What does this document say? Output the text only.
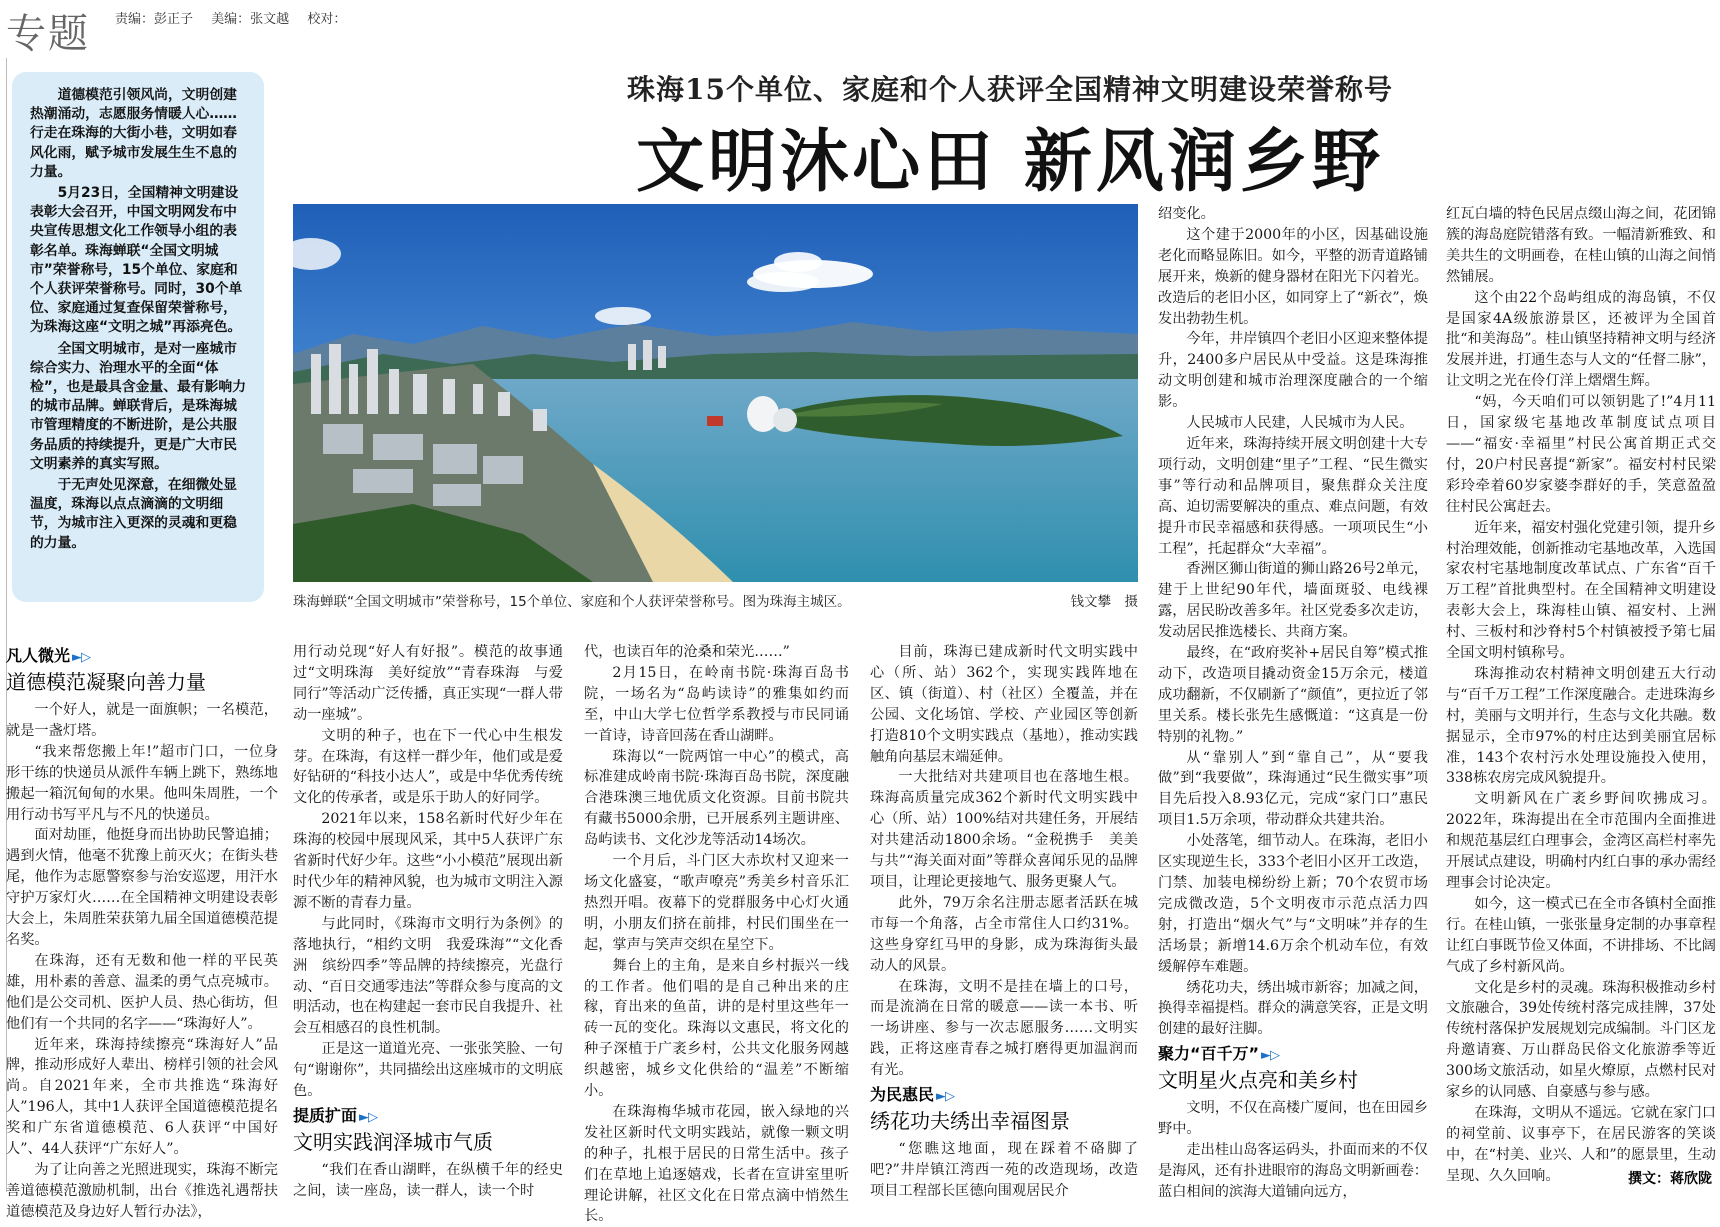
专题 责编：彭正子 美编：张文越 校对：

道德模范引领风尚，文明创建热潮涌动，志愿服务情暖人心……行走在珠海的大街小巷，文明如春风化雨，赋予城市发展生生不息的力量。

5月23日，全国精神文明建设表彰大会召开，中国文明网发布中央宣传思想文化工作领导小组的表彰名单。珠海蝉联“全国文明城市”荣誉称号，15个单位、家庭和个人获评荣誉称号。同时，30个单位、家庭通过复查保留荣誉称号，为珠海这座“文明之城”再添亮色。

全国文明城市，是对一座城市综合实力、治理水平的全面“体检”，也是最具含金量、最有影响力的城市品牌。蝉联背后，是珠海城市管理精度的不断进阶，是公共服务品质的持续提升，更是广大市民文明素养的真实写照。

于无声处见深意，在细微处显温度，珠海以点点滴滴的文明细节，为城市注入更深的灵魂和更稳的力量。

珠海15个单位、家庭和个人获评全国精神文明建设荣誉称号
文明沐心田 新风润乡野
珠海蝉联“全国文明城市”荣誉称号，15个单位、家庭和个人获评荣誉称号。图为珠海主城区。	钱文攀　摄
凡人微光 ►▷
道德模范凝聚向善力量

一个好人，就是一面旗帜；一名模范，就是一盏灯塔。

“我来帮您搬上年!”超市门口，一位身形干练的快递员从派件车辆上跳下，熟练地搬起一箱沉甸甸的水果。他叫朱周胜，一个用行动书写平凡与不凡的快递员。

面对劫匪，他挺身而出协助民警追捕；遇到火情，他毫不犹豫上前灭火；在街头巷尾，他作为志愿警察参与治安巡逻，用汗水守护万家灯火……在全国精神文明建设表彰大会上，朱周胜荣获第九届全国道德模范提名奖。

在珠海，还有无数和他一样的平民英雄，用朴素的善意、温柔的勇气点亮城市。他们是公交司机、医护人员、热心街坊，但他们有一个共同的名字——“珠海好人”。

近年来，珠海持续擦亮“珠海好人”品牌，推动形成好人辈出、榜样引领的社会风尚。自2021年来，全市共推选“珠海好人”196人，其中1人获评全国道德模范提名奖和广东省道德模范、6人获评“中国好人”、44人获评“广东好人”。

为了让向善之光照进现实，珠海不断完善道德模范激励机制，出台《推选礼遇帮扶道德模范及身边好人暂行办法》，

用行动兑现“好人有好报”。模范的故事通过“文明珠海　美好绽放”“青春珠海　与爱同行”等活动广泛传播，真正实现“一群人带动一座城”。

文明的种子，也在下一代心中生根发芽。在珠海，有这样一群少年，他们或是爱好钻研的“科技小达人”，或是中华优秀传统文化的传承者，或是乐于助人的好同学。

2021年以来，158名新时代好少年在珠海的校园中展现风采，其中5人获评广东省新时代好少年。这些“小小模范”展现出新时代少年的精神风貌，也为城市文明注入源源不断的青春力量。

与此同时，《珠海市文明行为条例》的落地执行，“相约文明　我爱珠海”“文化香洲　缤纷四季”等品牌的持续擦亮，光盘行动、“百日交通零违法”等群众参与度高的文明活动，也在构建起一套市民自我提升、社会互相感召的良性机制。

正是这一道道光亮、一张张笑脸、一句句“谢谢你”，共同描绘出这座城市的文明底色。

提质扩面 ►▷
文明实践润泽城市气质

“我们在香山湖畔，在纵横千年的经史之间，读一座岛，读一群人，读一个时

代，也读百年的沧桑和荣光……”

2月15日，在岭南书院·珠海百岛书院，一场名为“岛屿读诗”的雅集如约而至，中山大学七位哲学系教授与市民同诵一首诗，诗音回荡在香山湖畔。

珠海以“一院两馆一中心”的模式，高标准建成岭南书院·珠海百岛书院，深度融合港珠澳三地优质文化资源。目前书院共有藏书5000余册，已开展系列主题讲座、岛屿读书、文化沙龙等活动14场次。

一个月后，斗门区大赤坎村又迎来一场文化盛宴，“歌声嘹亮”秀美乡村音乐汇热烈开唱。夜幕下的党群服务中心灯火通明，小朋友们挤在前排，村民们围坐在一起，掌声与笑声交织在星空下。

舞台上的主角，是来自乡村振兴一线的工作者。他们唱的是自己种出来的庄稼，育出来的鱼苗，讲的是村里这些年一砖一瓦的变化。珠海以文惠民，将文化的种子深植于广袤乡村，公共文化服务网越织越密，城乡文化供给的“温差”不断缩小。

在珠海梅华城市花园，嵌入绿地的兴发社区新时代文明实践站，就像一颗文明的种子，扎根于居民的日常生活中。孩子们在草地上追逐嬉戏，长者在宣讲室里听理论讲解，社区文化在日常点滴中悄然生长。

目前，珠海已建成新时代文明实践中心（所、站）362个，实现实践阵地在区、镇（街道）、村（社区）全覆盖，并在公园、文化场馆、学校、产业园区等创新打造810个文明实践点（基地），推动实践触角向基层末端延伸。

一大批结对共建项目也在落地生根。珠海高质量完成362个新时代文明实践中心（所、站）100%结对共建任务，开展结对共建活动1800余场。“金税携手　美美与共”“海关面对面”等群众喜闻乐见的品牌项目，让理论更接地气、服务更聚人气。

此外，79万余名注册志愿者活跃在城市每一个角落，占全市常住人口约31%。这些身穿红马甲的身影，成为珠海街头最动人的风景。

在珠海，文明不是挂在墙上的口号，而是流淌在日常的暖意——读一本书、听一场讲座、参与一次志愿服务……文明实践，正将这座青春之城打磨得更加温润而有光。

为民惠民 ►▷
绣花功夫绣出幸福图景

“您瞧这地面，现在踩着不硌脚了吧?”井岸镇江湾西一苑的改造现场，改造项目工程部长匡德向围观居民介

绍变化。

这个建于2000年的小区，因基础设施老化而略显陈旧。如今，平整的沥青道路铺展开来，焕新的健身器材在阳光下闪着光。改造后的老旧小区，如同穿上了“新衣”，焕发出勃勃生机。

今年，井岸镇四个老旧小区迎来整体提升，2400多户居民从中受益。这是珠海推动文明创建和城市治理深度融合的一个缩影。

人民城市人民建，人民城市为人民。

近年来，珠海持续开展文明创建十大专项行动，文明创建“里子”工程、“民生微实事”等行动和品牌项目，聚焦群众关注度高、迫切需要解决的重点、难点问题，有效提升市民幸福感和获得感。一项项民生“小工程”，托起群众“大幸福”。

香洲区狮山街道的狮山路26号2单元，建于上世纪90年代，墙面斑驳、电线裸露，居民盼改善多年。社区党委多次走访，发动居民推选楼长、共商方案。

最终，在“政府奖补+居民自筹”模式推动下，改造项目撬动资金15万余元，楼道成功翻新，不仅刷新了“颜值”，更拉近了邻里关系。楼长张先生感慨道：“这真是一份特别的礼物。”

从“靠别人”到“靠自己”，从“要我做”到“我要做”，珠海通过“民生微实事”项目先后投入8.93亿元，完成“家门口”惠民项目1.5万余项，带动群众共建共治。

小处落笔，细节动人。在珠海，老旧小区实现逆生长，333个老旧小区开工改造，门禁、加装电梯纷纷上新；70个农贸市场完成微改造，5个文明夜市示范点活力四射，打造出“烟火气”与“文明味”并存的生活场景；新增14.6万余个机动车位，有效缓解停车难题。

绣花功夫，绣出城市新容；加减之间，换得幸福提档。群众的满意笑容，正是文明创建的最好注脚。

聚力“百千万” ►▷
文明星火点亮和美乡村

文明，不仅在高楼广厦间，也在田园乡野中。

走出桂山岛客运码头，扑面而来的不仅是海风，还有扑进眼帘的海岛文明新画卷：蓝白相间的滨海大道铺向远方，

红瓦白墙的特色民居点缀山海之间，花团锦簇的海岛庭院错落有致。一幅清新雅致、和美共生的文明画卷，在桂山镇的山海之间悄然铺展。

这个由22个岛屿组成的海岛镇，不仅是国家4A级旅游景区，还被评为全国首批“和美海岛”。桂山镇坚持精神文明与经济发展并进，打通生态与人文的“任督二脉”，让文明之光在伶仃洋上熠熠生辉。

“妈，今天咱们可以领钥匙了!”4月11日，国家级宅基地改革制度试点项目——“福安·幸福里”村民公寓首期正式交付，20户村民喜提“新家”。福安村村民梁彩玲牵着60岁家婆李群好的手，笑意盈盈往村民公寓赶去。

近年来，福安村强化党建引领，提升乡村治理效能，创新推动宅基地改革，入选国家农村宅基地制度改革试点、广东省“百千万工程”首批典型村。在全国精神文明建设表彰大会上，珠海桂山镇、福安村、上洲村、三板村和沙脊村5个村镇被授予第七届全国文明村镇称号。

珠海推动农村精神文明创建五大行动与“百千万工程”工作深度融合。走进珠海乡村，美丽与文明并行，生态与文化共融。数据显示，全市97%的村庄达到美丽宜居标准，143个农村污水处理设施投入使用，338栋农房完成风貌提升。

文明新风在广袤乡野间吹拂成习。2022年，珠海提出在全市范围内全面推进和规范基层红白理事会，金湾区高栏村率先开展试点建设，明确村内红白事的承办需经理事会讨论决定。

如今，这一模式已在全市各镇村全面推行。在桂山镇，一张张量身定制的办事章程让红白事既节俭又体面，不讲排场、不比阔气成了乡村新风尚。

文化是乡村的灵魂。珠海积极推动乡村文旅融合，39处传统村落完成挂牌，37处传统村落保护发展规划完成编制。斗门区龙舟邀请赛、万山群岛民俗文化旅游季等近300场文旅活动，如星火燎原，点燃村民对家乡的认同感、自豪感与参与感。

在珠海，文明从不遥远。它就在家门口的祠堂前、议事亭下，在居民游客的笑谈中，在“村美、业兴、人和”的愿景里，生动呈现、久久回响。	撰文：蒋欣陇
